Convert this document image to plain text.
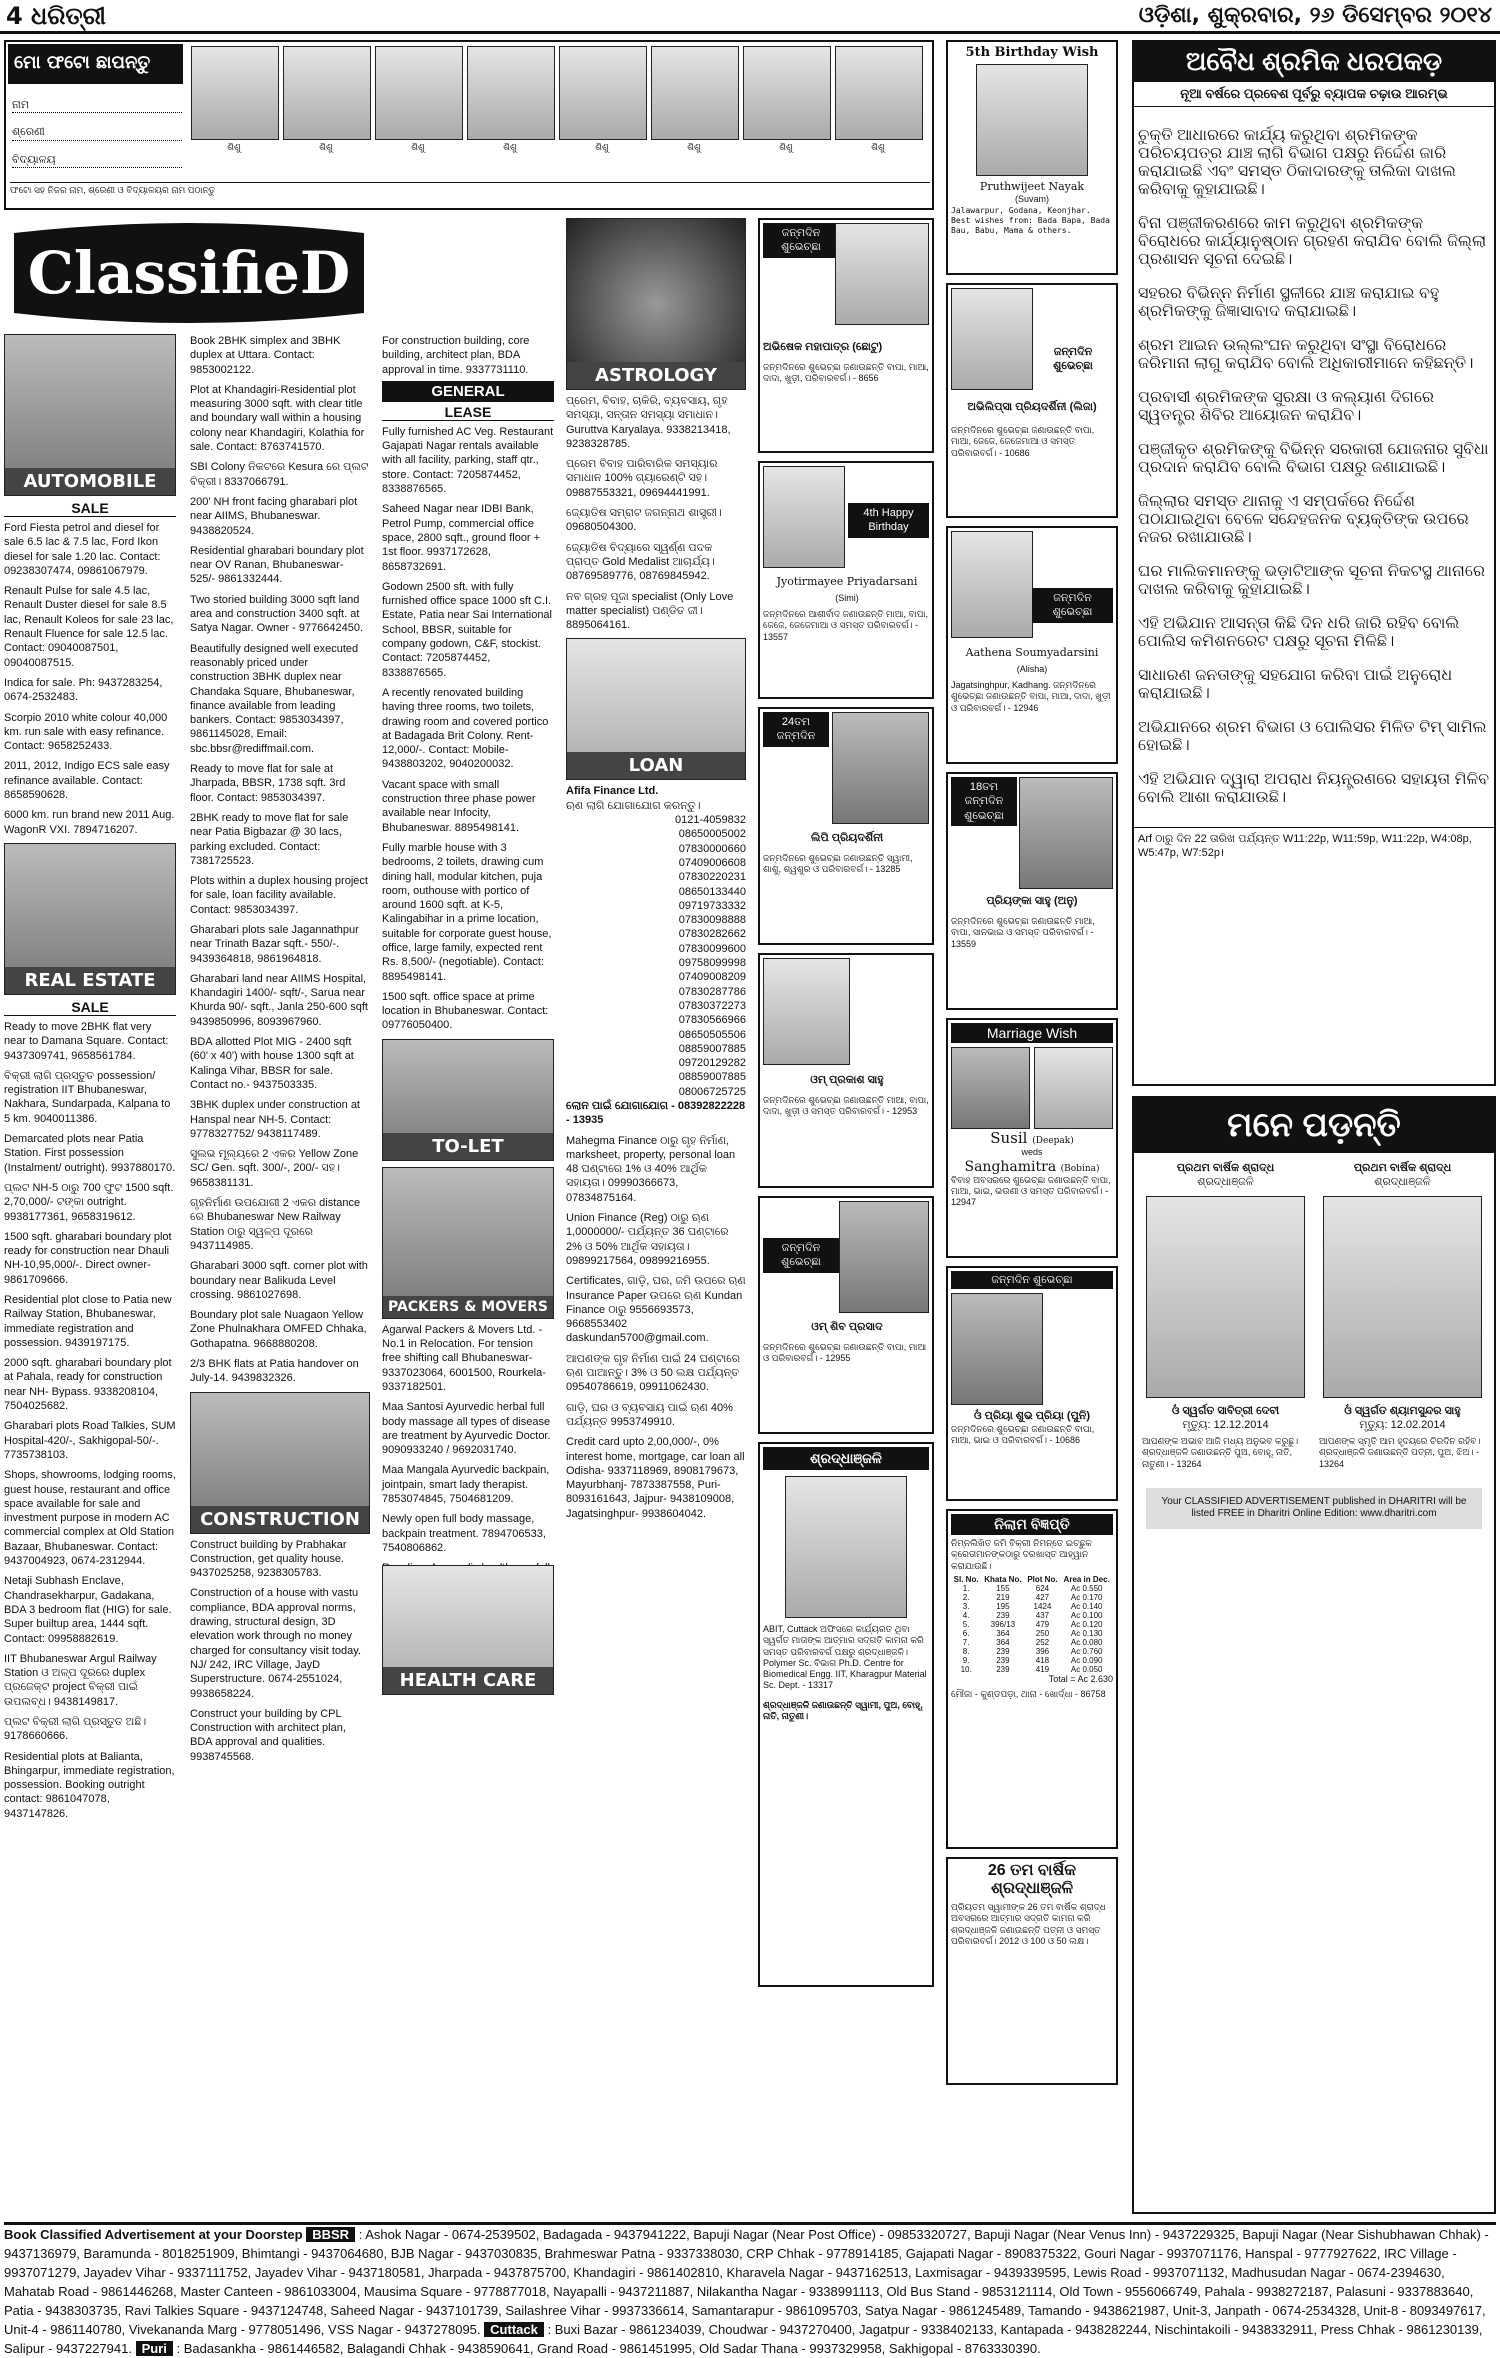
4 ଧରିତ୍ରୀ	ଓଡ଼ିଶା, ଶୁକ୍ରବାର, ୨୬ ଡିସେମ୍ବର ୨୦୧୪
ମୋ ଫଟୋ ଛାପନ୍ତୁ
ନାମ
ଶ୍ରେଣୀ
ବିଦ୍ୟାଳୟ
ଶିଶୁ	ଶିଶୁ	ଶିଶୁ	ଶିଶୁ	ଶିଶୁ	ଶିଶୁ	ଶିଶୁ	ଶିଶୁ
ଫଟୋ ସହ ନିଜର ନାମ, ଶ୍ରେଣୀ ଓ ବିଦ୍ୟାଳୟର ନାମ ପଠାନ୍ତୁ
ClassifieD
AUTOMOBILE
SALE

Ford Fiesta petrol and diesel for sale 6.5 lac & 7.5 lac, Ford Ikon diesel for sale 1.20 lac. Contact: 09238307474, 09861067979.

Renault Pulse for sale 4.5 lac, Renault Duster diesel for sale 8.5 lac, Renault Koleos for sale 23 lac, Renault Fluence for sale 12.5 lac. Contact: 09040087501, 09040087515.

Indica for sale. Ph: 9437283254, 0674-2532483.

Scorpio 2010 white colour 40,000 km. run sale with easy refinance. Contact: 9658252433.

2011, 2012, Indigo ECS sale easy refinance available. Contact: 8658590628.

6000 km. run brand new 2011 Aug. WagonR VXI. 7894716207.

REAL ESTATE
SALE

Ready to move 2BHK flat very near to Damana Square. Contact: 9437309741, 9658561784.

ବିକ୍ରୀ ଲାଗି ପ୍ରସ୍ତୁତ possession/ registration IIT Bhubaneswar, Nakhara, Sundarpada, Kalpana to 5 km. 9040011386.

Demarcated plots near Patia Station. First possession (Instalment/ outright). 9937880170.

ପ୍ଲଟ NH-5 ଠାରୁ 700 ଫୁଟ 1500 sqft. 2,70,000/- ଟଙ୍କା outright. 9938177361, 9658319612.

1500 sqft. gharabari boundary plot ready for construction near Dhauli NH-10,95,000/-. Direct owner-9861709666.

Residential plot close to Patia new Railway Station, Bhubaneswar, immediate registration and possession. 9439197175.

2000 sqft. gharabari boundary plot at Pahala, ready for construction near NH- Bypass. 9338208104, 7504025682.

Gharabari plots Road Talkies, SUM Hospital-420/-, Sakhigopal-50/-. 7735738103.

Shops, showrooms, lodging rooms, guest house, restaurant and office space available for sale and investment purpose in modern AC commercial complex at Old Station Bazaar, Bhubaneswar. Contact: 9437004923, 0674-2312944.

Netaji Subhash Enclave, Chandrasekharpur, Gadakana, BDA 3 bedroom flat (HIG) for sale. Super builtup area, 1444 sqft. Contact: 09958882619.

IIT Bhubaneswar Argul Railway Station ଓ ଅଳ୍ପ ଦୂରରେ duplex ପ୍ରଜେକ୍ଟ project ବିକ୍ରୀ ପାଇଁ ଉପଲବ୍ଧ। 9438149817.

ପ୍ଲଟ ବିକ୍ରୀ ଲାଗି ପ୍ରସ୍ତୁତ ଅଛି। 9178660666.

Residential plots at Balianta, Bhingarpur, immediate registration, possession. Booking outright contact: 9861047078, 9437147826.

Book 2BHK simplex and 3BHK duplex at Uttara. Contact: 9853002122.

Plot at Khandagiri-Residential plot measuring 3000 sqft. with clear title and boundary wall within a housing colony near Khandagiri, Kolathia for sale. Contact: 8763741570.

SBI Colony ନିକଟରେ Kesura ରେ ପ୍ଲଟ ବିକ୍ରୀ। 8337066791.

200' NH front facing gharabari plot near AIIMS, Bhubaneswar. 9438820524.

Residential gharabari boundary plot near OV Ranan, Bhubaneswar- 525/- 9861332444.

Two storied building 3000 sqft land area and construction 3400 sqft. at Satya Nagar. Owner - 9776642450.

Beautifully designed well executed reasonably priced under construction 3BHK duplex near Chandaka Square, Bhubaneswar, finance available from leading bankers. Contact: 9853034397, 9861145028, Email: sbc.bbsr@rediffmail.com.

Ready to move flat for sale at Jharpada, BBSR, 1738 sqft. 3rd floor. Contact: 9853034397.

2BHK ready to move flat for sale near Patia Bigbazar @ 30 lacs, parking excluded. Contact: 7381725523.

Plots within a duplex housing project for sale, loan facility available. Contact: 9853034397.

Gharabari plots sale Jagannathpur near Trinath Bazar sqft.- 550/-. 9439364818, 9861964818.

Gharabari land near AIIMS Hospital, Khandagiri 1400/- sqft/-, Sarua near Khurda 90/- sqft., Janla 250-600 sqft 9439850996, 8093967960.

BDA allotted Plot MIG - 2400 sqft (60' x 40') with house 1300 sqft at Kalinga Vihar, BBSR for sale. Contact no.- 9437503335.

3BHK duplex under construction at Hanspal near NH-5. Contact: 9778327752/ 9438117489.

ସୁଲଭ ମୂଲ୍ୟରେ 2 ଏକର Yellow Zone SC/ Gen. sqft. 300/-, 200/- ସହ। 9658381131.

ଗୃହନିର୍ମାଣ ଉପଯୋଗୀ 2 ଏକର distance ରେ Bhubaneswar New Railway Station ଠାରୁ ସ୍ୱଳ୍ପ ଦୂରରେ 9437114985.

Gharabari 3000 sqft. corner plot with boundary near Balikuda Level crossing. 9861027698.

Boundary plot sale Nuagaon Yellow Zone Phulnakhara OMFED Chhaka, Gothapatna. 9668880208.

2/3 BHK flats at Patia handover on July-14. 9439832326.

CONSTRUCTION

Construct building by Prabhakar Construction, get quality house. 9437025258, 9238305783.

Construction of a house with vastu compliance, BDA approval norms, drawing, structural design, 3D elevation work through no money charged for consultancy visit today. NJ/ 242, IRC Village, JayD Superstructure. 0674-2551024, 9938658224.

Construct your building by CPL Construction with architect plan, BDA approval and qualities. 9938745568.

For construction building, core building, architect plan, BDA approval in time. 9337731110.
GENERAL
LEASE

Fully furnished AC Veg. Restaurant Gajapati Nagar rentals available with all facility, parking, staff qtr., store. Contact: 7205874452, 8338876565.

Saheed Nagar near IDBI Bank, Petrol Pump, commercial office space, 2800 sqft., ground floor + 1st floor. 9937172628, 8658732691.

Godown 2500 sft. with fully furnished office space 1000 sft C.I. Estate, Patia near Sai International School, BBSR, suitable for company godown, C&F, stockist. Contact: 7205874452, 8338876565.

A recently renovated building having three rooms, two toilets, drawing room and covered portico at Badagada Brit Colony. Rent- 12,000/-. Contact: Mobile- 9438803202, 9040200032.

Vacant space with small construction three phase power available near Infocity, Bhubaneswar. 8895498141.

Fully marble house with 3 bedrooms, 2 toilets, drawing cum dining hall, modular kitchen, puja room, outhouse with portico of around 1600 sqft. at K-5, Kalingabihar in a prime location, suitable for corporate guest house, office, large family, expected rent Rs. 8,500/- (negotiable). Contact: 8895498141.

1500 sqft. office space at prime location in Bhubaneswar. Contact: 09776050400.

TO-LET
PACKERS & MOVERS

Agarwal Packers & Movers Ltd. - No.1 in Relocation. For tension free shifting call Bhubaneswar- 9337023064, 6001500, Rourkela- 9337182501.

Maa Santosi Ayurvedic herbal full body massage all types of disease are treatment by Ayurvedic Doctor. 9090933240 / 9692031740.

Maa Mangala Ayurvedic backpain, jointpain, smart lady therapist. 7853074845, 7504681209.

Newly open full body massage, backpain treatment. 7894706533, 7540806862.

HEALTH CARE
ASTROLOGY

ପ୍ରେମ, ବିବାହ, ଚାକିରି, ବ୍ୟବସାୟ, ଗୃହ ସମସ୍ୟା, ସନ୍ତାନ ସମସ୍ୟା ସମାଧାନ। Guruttva Karyalaya. 9338213418, 9238328785.

ପ୍ରେମ ବିବାହ ପାରିବାରିକ ସମସ୍ୟାର ସମାଧାନ 100% ଗ୍ୟାରେଣ୍ଟି ସହ। 09887553321, 09694441991.

ଜ୍ୟୋତିଷ ସମ୍ରାଟ ଜଗନ୍ନାଥ ଶାସ୍ତ୍ରୀ। 09680504300.

ଜ୍ୟୋତିଷ ବିଦ୍ୟାରେ ସ୍ୱର୍ଣ୍ଣ ପଦକ ପ୍ରାପ୍ତ Gold Medalist ଆଚାର୍ଯ୍ୟ। 08769589776, 08769845942.

ନବ ଗ୍ରହ ପୂଜା specialist (Only Love matter specialist) ପଣ୍ଡିତ ଜୀ। 8895064161.

LOAN
Afifa Finance Ltd.
ଋଣ ଲାଗି ଯୋଗାଯୋଗ କରନ୍ତୁ।
0121-4059832
08650005002
07830000660
07409006608
07830220231
08650133440
09719733332
07830098888
07830282662
07830099600
09758099998
07409008209
07830287786
07830372273
07830566966
08650505506
08859007885
09720129282
08859007885
08006725725
ଲୋନ ପାଇଁ ଯୋଗାଯୋଗ - 08392822228 - 13935

Mahegma Finance ଠାରୁ ଗୃହ ନିର୍ମାଣ, marksheet, property, personal loan 48 ଘଣ୍ଟାରେ 1% ଓ 40% ଆର୍ଥିକ ସହାୟତା। 09990366673, 07834875164.

Union Finance (Reg) ଠାରୁ ଋଣ 1,0000000/- ପର୍ଯ୍ୟନ୍ତ 36 ଘଣ୍ଟାରେ 2% ଓ 50% ଆର୍ଥିକ ସହାୟତା। 09899217564, 09899216955.

Certificates, ଗାଡ଼ି, ଘର, ଜମି ଉପରେ ଋଣ Insurance Paper ଉପରେ ଋଣ Kundan Finance ଠାରୁ 9556693573, 9668553402 daskundan5700@gmail.com.

ଆପଣଙ୍କ ଗୃହ ନିର୍ମାଣ ପାଇଁ 24 ଘଣ୍ଟାରେ ଋଣ ପାଆନ୍ତୁ। 3% ଓ 50 ଲକ୍ଷ ପର୍ଯ୍ୟନ୍ତ 09540786619, 09911062430.

ଗାଡ଼ି, ଘର ଓ ବ୍ୟବସାୟ ପାଇଁ ଋଣ 40% ପର୍ଯ୍ୟନ୍ତ 9953749910.

Credit card upto 2,00,000/-, 0% interest home, mortgage, car loan all Odisha- 9337118969, 8908179673, Mayurbhanj- 7873387558, Puri- 8093161643, Jajpur- 9438109008, Jagatsinghpur- 9938604042.

ଜନ୍ମଦିନ ଶୁଭେଚ୍ଛା
ଅଭିଷେକ ମହାପାତ୍ର (ଛୋଟୁ)
ଜନ୍ମଦିନରେ ଶୁଭେଚ୍ଛା ଜଣାଉଛନ୍ତି ବାପା, ମାଆ, ଦାଦା, ଖୁଡ଼ୀ, ପରିବାରବର୍ଗ। - 8656
4th Happy Birthday
Jyotirmayee Priyadarsani
(Simi)
ଜନ୍ମଦିନରେ ଆଶୀର୍ବାଦ ଜଣାଉଛନ୍ତି ମାଆ, ବାପା, ଜେଜେ, ଜେଜେମାଆ ଓ ସମସ୍ତ ପରିବାରବର୍ଗ। - 13557
24ତମ ଜନ୍ମଦିନ
ଲିପି ପ୍ରିୟଦର୍ଶିନୀ
ଜନ୍ମଦିନରେ ଶୁଭେଚ୍ଛା ଜଣାଉଛନ୍ତି ସ୍ୱାମୀ, ଶାଶୁ, ଶ୍ୱଶୁର ଓ ପରିବାରବର୍ଗ। - 13285
ଓମ୍ ପ୍ରକାଶ ସାହୁ
ଜନ୍ମଦିନରେ ଶୁଭେଚ୍ଛା ଜଣାଉଛନ୍ତି ମାଆ, ବାପା, ଦାଦା, ଖୁଡ଼ୀ ଓ ସମସ୍ତ ପରିବାରବର୍ଗ। - 12953
ଜନ୍ମଦିନ ଶୁଭେଚ୍ଛା
ଓମ୍ ଶିବ ପ୍ରସାଦ
ଜନ୍ମଦିନରେ ଶୁଭେଚ୍ଛା ଜଣାଉଛନ୍ତି ବାପା, ମାଆ ଓ ପରିବାରବର୍ଗ। - 12955
ଶ୍ରଦ୍ଧାଞ୍ଜଳି
ABIT, Cuttack ଅଫିସରେ କାର୍ଯ୍ୟରତ ଥିବା ସ୍ୱର୍ଗତ ମାତାଙ୍କ ଆତ୍ମାର ସଦ୍‌ଗତି କାମନା କରି ସମସ୍ତ ପରିବାରବର୍ଗ ପକ୍ଷରୁ ଶ୍ରଦ୍ଧାଞ୍ଜଳି। Polymer Sc. ବିଭାଗ Ph.D. Centre for Biomedical Engg. IIT, Kharagpur Material Sc. Dept. - 13317
ଶ୍ରଦ୍ଧାଞ୍ଜଳି ଜଣାଉଛନ୍ତି ସ୍ୱାମୀ, ପୁଅ, ବୋହୂ, ନାତି, ନାତୁଣୀ।
5th Birthday Wish
Pruthwijeet Nayak
(Suvam)
Jalawarpur, Godana, Keonjhar. Best wishes from: Bada Bapa, Bada Bau, Babu, Mama & others.
ଜନ୍ମଦିନ ଶୁଭେଚ୍ଛା
ଅଭିଲିପ୍ସା ପ୍ରିୟଦର୍ଶିନୀ (ଲିଜା)
ଜନ୍ମଦିନରେ ଶୁଭେଚ୍ଛା ଜଣାଉଛନ୍ତି ବାପା, ମାଆ, ଜେଜେ, ଜେଜେମାଆ ଓ ସମସ୍ତ ପରିବାରବର୍ଗ। - 10686
ଜନ୍ମଦିନ ଶୁଭେଚ୍ଛା
Aathena Soumyadarsini
(Alisha)
Jagatsinghpur, Kadhang. ଜନ୍ମଦିନରେ ଶୁଭେଚ୍ଛା ଜଣାଉଛନ୍ତି ବାପା, ମାଆ, ଦାଦା, ଖୁଡ଼ୀ ଓ ପରିବାରବର୍ଗ। - 12946
18ତମ ଜନ୍ମଦିନ ଶୁଭେଚ୍ଛା
ପ୍ରିୟଙ୍କା ସାହୁ (ଅନୁ)
ଜନ୍ମଦିନରେ ଶୁଭେଚ୍ଛା ଜଣାଉଛନ୍ତି ମାଆ, ବାପା, ସାନଭାଇ ଓ ସମସ୍ତ ପରିବାରବର୍ଗ। - 13559
Marriage Wish
Susil (Deepak)
weds
Sanghamitra (Bobina)
ବିବାହ ଅବସରରେ ଶୁଭେଚ୍ଛା ଜଣାଉଛନ୍ତି ବାପା, ମାଆ, ଭାଇ, ଭଉଣୀ ଓ ସମସ୍ତ ପରିବାରବର୍ଗ। - 12947
ଜନ୍ମଦିନ ଶୁଭେଚ୍ଛା
ଓଁ ପ୍ରିୟା ଶୁଭ ପ୍ରିୟା (ପୁନି)
ଜନ୍ମଦିନରେ ଶୁଭେଚ୍ଛା ଜଣାଉଛନ୍ତି ବାପା, ମାଆ, ଭାଇ ଓ ପରିବାରବର୍ଗ। - 10686
ନିଲାମ ବିଜ୍ଞପ୍ତି
ନିମ୍ନଲିଖିତ ଜମି ବିକ୍ରୀ ନିମନ୍ତେ ଇଚ୍ଛୁକ କ୍ରେତାମାନଙ୍କଠାରୁ ଦରଖାସ୍ତ ଆହ୍ୱାନ କରାଯାଉଛି।
Sl. No.	Khata No.	Plot No.	Area in Dec.
1.	155	624	Ac 0.550
2.	219	427	Ac 0.170
3.	195	1424	Ac 0.140
4.	239	437	Ac 0.100
5.	396/13	479	Ac 0.120
6.	364	250	Ac 0.130
7.	364	252	Ac 0.080
8.	239	396	Ac 0.760
9.	239	418	Ac 0.090
10.	239	419	Ac 0.050
Total = Ac 2.630
ମୌଜା - କୁଣ୍ଡପଡ଼ା, ଥାନା - ଖୋର୍ଦ୍ଧା - 86758
26 ତମ ବାର୍ଷିକ ଶ୍ରଦ୍ଧାଞ୍ଜଳି
ପ୍ରିୟତମ ସ୍ୱାମୀଙ୍କ 26 ତମ ବାର୍ଷିକ ଶ୍ରାଦ୍ଧ ଅବସରରେ ଆତ୍ମାର ସଦ୍‌ଗତି କାମନା କରି ଶ୍ରଦ୍ଧାଞ୍ଜଳି ଜଣାଉଛନ୍ତି ପତ୍ନୀ ଓ ସମସ୍ତ ପରିବାରବର୍ଗ। 2012 ଓ 100 ଓ 50 ଲକ୍ଷ।
ଅବୈଧ ଶ୍ରମିକ ଧରପକଡ଼
ନୂଆ ବର୍ଷରେ ପ୍ରବେଶ ପୂର୍ବରୁ ବ୍ୟାପକ ଚଢ଼ାଉ ଆରମ୍ଭ

ଚୁକ୍ତି ଆଧାରରେ କାର୍ଯ୍ୟ କରୁଥିବା ଶ୍ରମିକଙ୍କ ପରିଚୟପତ୍ର ଯାଞ୍ଚ ଲାଗି ବିଭାଗ ପକ୍ଷରୁ ନିର୍ଦ୍ଦେଶ ଜାରି କରାଯାଇଛି ଏବଂ ସମସ୍ତ ଠିକାଦାରଙ୍କୁ ତାଲିକା ଦାଖଲ କରିବାକୁ କୁହାଯାଇଛି।

ବିନା ପଞ୍ଜୀକରଣରେ କାମ କରୁଥିବା ଶ୍ରମିକଙ୍କ ବିରୋଧରେ କାର୍ଯ୍ୟାନୁଷ୍ଠାନ ଗ୍ରହଣ କରାଯିବ ବୋଲି ଜିଲ୍ଲା ପ୍ରଶାସନ ସୂଚନା ଦେଇଛି।

ସହରର ବିଭିନ୍ନ ନିର୍ମାଣ ସ୍ଥଳୀରେ ଯାଞ୍ଚ କରାଯାଇ ବହୁ ଶ୍ରମିକଙ୍କୁ ଜିଜ୍ଞାସାବାଦ କରାଯାଇଛି।

ଶ୍ରମ ଆଇନ ଉଲ୍ଲଂଘନ କରୁଥିବା ସଂସ୍ଥା ବିରୋଧରେ ଜରିମାନା ଲାଗୁ କରାଯିବ ବୋଲି ଅଧିକାରୀମାନେ କହିଛନ୍ତି।

ପ୍ରବାସୀ ଶ୍ରମିକଙ୍କ ସୁରକ୍ଷା ଓ କଲ୍ୟାଣ ଦିଗରେ ସ୍ୱତନ୍ତ୍ର ଶିବିର ଆୟୋଜନ କରାଯିବ।

ପଞ୍ଜୀକୃତ ଶ୍ରମିକଙ୍କୁ ବିଭିନ୍ନ ସରକାରୀ ଯୋଜନାର ସୁବିଧା ପ୍ରଦାନ କରାଯିବ ବୋଲି ବିଭାଗ ପକ୍ଷରୁ ଜଣାଯାଇଛି।

ଜିଲ୍ଲାର ସମସ୍ତ ଥାନାକୁ ଏ ସମ୍ପର୍କରେ ନିର୍ଦ୍ଦେଶ ପଠାଯାଇଥିବା ବେଳେ ସନ୍ଦେହଜନକ ବ୍ୟକ୍ତିଙ୍କ ଉପରେ ନଜର ରଖାଯାଉଛି।

ଘର ମାଲିକମାନଙ୍କୁ ଭଡ଼ାଟିଆଙ୍କ ସୂଚନା ନିକଟସ୍ଥ ଥାନାରେ ଦାଖଲ କରିବାକୁ କୁହାଯାଇଛି।

ଏହି ଅଭିଯାନ ଆସନ୍ତା କିଛି ଦିନ ଧରି ଜାରି ରହିବ ବୋଲି ପୋଲିସ କମିଶନରେଟ ପକ୍ଷରୁ ସୂଚନା ମିଳିଛି।

ସାଧାରଣ ଜନତାଙ୍କୁ ସହଯୋଗ କରିବା ପାଇଁ ଅନୁରୋଧ କରାଯାଇଛି।

ଅଭିଯାନରେ ଶ୍ରମ ବିଭାଗ ଓ ପୋଲିସର ମିଳିତ ଟିମ୍ ସାମିଲ ହୋଇଛି।

ଏହି ଅଭିଯାନ ଦ୍ୱାରା ଅପରାଧ ନିୟନ୍ତ୍ରଣରେ ସହାୟତା ମିଳିବ ବୋଲି ଆଶା କରାଯାଉଛି।

Arf ଠାରୁ ଦିନ 22 ତାରିଖ ପର୍ଯ୍ୟନ୍ତ W11:22p, W11:59p, W11:22p, W4:08p, W5:47p, W7:52p।
ମନେ ପଡ଼ନ୍ତି
ପ୍ରଥମ ବାର୍ଷିକ ଶ୍ରାଦ୍ଧ
ଶ୍ରଦ୍ଧାଞ୍ଜଳି
ଓଁ ସ୍ୱର୍ଗତ ସାବିତ୍ରୀ ଦେବୀ
ମୃତ୍ୟୁ: 12.12.2014
ଆପଣଙ୍କ ଅଭାବ ଆଜି ମଧ୍ୟ ଅନୁଭବ କରୁଛୁ। ଶ୍ରଦ୍ଧାଞ୍ଜଳି ଜଣାଉଛନ୍ତି ପୁଅ, ବୋହୂ, ନାତି, ନାତୁଣୀ। - 13264
ପ୍ରଥମ ବାର୍ଷିକ ଶ୍ରାଦ୍ଧ
ଶ୍ରଦ୍ଧାଞ୍ଜଳି
ଓଁ ସ୍ୱର୍ଗତ ଶ୍ୟାମସୁନ୍ଦର ସାହୁ
ମୃତ୍ୟୁ: 12.02.2014
ଆପଣଙ୍କ ସ୍ମୃତି ଆମ ହୃଦୟରେ ଚିରଦିନ ରହିବ। ଶ୍ରଦ୍ଧାଞ୍ଜଳି ଜଣାଉଛନ୍ତି ପତ୍ନୀ, ପୁଅ, ଝିଅ। - 13264
Your CLASSIFIED ADVERTISEMENT published in DHARITRI will be listed FREE in Dharitri Online Edition: www.dharitri.com
Book Classified Advertisement at your Doorstep BBSR : Ashok Nagar - 0674-2539502, Badagada - 9437941222, Bapuji Nagar (Near Post Office) - 09853320727, Bapuji Nagar (Near Venus Inn) - 9437229325, Bapuji Nagar (Near Sishubhawan Chhak) - 9437136979, Baramunda - 8018251909, Bhimtangi - 9437064680, BJB Nagar - 9437030835, Brahmeswar Patna - 9337338030, CRP Chhak - 9778914185, Gajapati Nagar - 8908375322, Gouri Nagar - 9937071176, Hanspal - 9777927622, IRC Village - 9937071279, Jayadev Vihar - 9337111752, Jayadev Vihar - 9437180581, Jharpada - 9437875700, Khandagiri - 9861402810, Kharavela Nagar - 9437162513, Laxmisagar - 9439339595, Lewis Road - 9937071132, Madhusudan Nagar - 0674-2394630, Mahatab Road - 9861446268, Master Canteen - 9861033004, Mausima Square - 9778877018, Nayapalli - 9437211887, Nilakantha Nagar - 9338991113, Old Bus Stand - 9853121114, Old Town - 9556066749, Pahala - 9938272187, Palasuni - 9337883640, Patia - 9438303735, Ravi Talkies Square - 9437124748, Saheed Nagar - 9437101739, Sailashree Vihar - 9937336614, Samantarapur - 9861095703, Satya Nagar - 9861245489, Tamando - 9438621987, Unit-3, Janpath - 0674-2534328, Unit-8 - 8093497617, Unit-4 - 9861140780, Vivekananda Marg - 9778051496, VSS Nagar - 9437278095. Cuttack : Buxi Bazar - 9861234039, Choudwar - 9437270400, Jagatpur - 9338402133, Kantapada - 9438282244, Nischintakoili - 9438332911, Press Chhak - 9861230139, Salipur - 9437227941. Puri : Badasankha - 9861446582, Balagandi Chhak - 9438590641, Grand Road - 9861451995, Old Sadar Thana - 9937329958, Sakhigopal - 8763330390.
